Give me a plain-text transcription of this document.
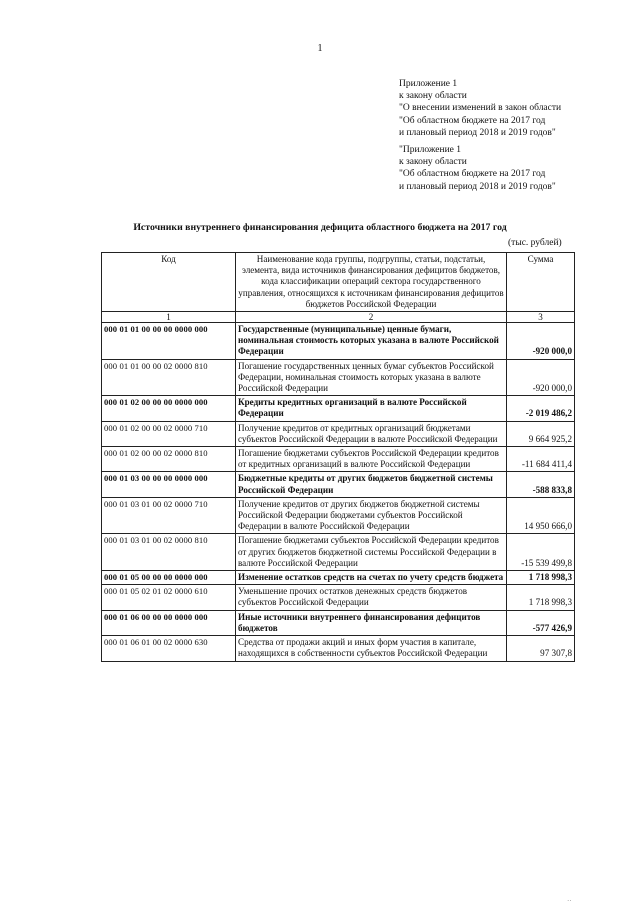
1
Приложение 1
к закону области
"О внесении изменений в закон области
"Об областном бюджете на 2017 год
и плановый период 2018 и 2019 годов"
"Приложение 1
к закону области
"Об областном бюджете на 2017 год
и плановый период 2018 и 2019 годов"
Источники внутреннего финансирования дефицита областного бюджета на 2017 год
(тыс. рублей)
Код	Наименование кода группы, подгруппы, статьи, подстатьи, элемента, вида источников финансирования дефицитов бюджетов, кода классификации операций сектора государственного управления, относящихся к источникам финансирования дефицитов бюджетов Российской Федерации	Сумма
1	2	3
000 01 01 00 00 00 0000 000	Государственные (муниципальные) ценные бумаги, номинальная стоимость которых указана в валюте Российской Федерации	-920 000,0
000 01 01 00 00 02 0000 810	Погашение государственных ценных бумаг субъектов Российской Федерации, номинальная стоимость которых указана в валюте Российской Федерации	-920 000,0
000 01 02 00 00 00 0000 000	Кредиты кредитных организаций в валюте Российской Федерации	-2 019 486,2
000 01 02 00 00 02 0000 710	Получение кредитов от кредитных организаций бюджетами субъектов Российской Федерации в валюте Российской Федерации	9 664 925,2
000 01 02 00 00 02 0000 810	Погашение бюджетами субъектов Российской Федерации кредитов от кредитных организаций в валюте Российской Федерации	-11 684 411,4
000 01 03 00 00 00 0000 000	Бюджетные кредиты от других бюджетов бюджетной системы Российской Федерации	-588 833,8
000 01 03 01 00 02 0000 710	Получение кредитов от других бюджетов бюджетной системы Российской Федерации бюджетами субъектов Российской Федерации в валюте Российской Федерации	14 950 666,0
000 01 03 01 00 02 0000 810	Погашение бюджетами субъектов Российской Федерации кредитов от других бюджетов бюджетной системы Российской Федерации в валюте Российской Федерации	-15 539 499,8
000 01 05 00 00 00 0000 000	Изменение остатков средств на счетах по учету средств бюджета	1 718 998,3
000 01 05 02 01 02 0000 610	Уменьшение прочих остатков денежных средств бюджетов субъектов Российской Федерации	1 718 998,3
000 01 06 00 00 00 0000 000	Иные источники внутреннего финансирования дефицитов бюджетов	-577 426,9
000 01 06 01 00 02 0000 630	Средства от продажи акций и иных форм участия в капитале, находящихся в собственности субъектов Российской Федерации	97 307,8
··
